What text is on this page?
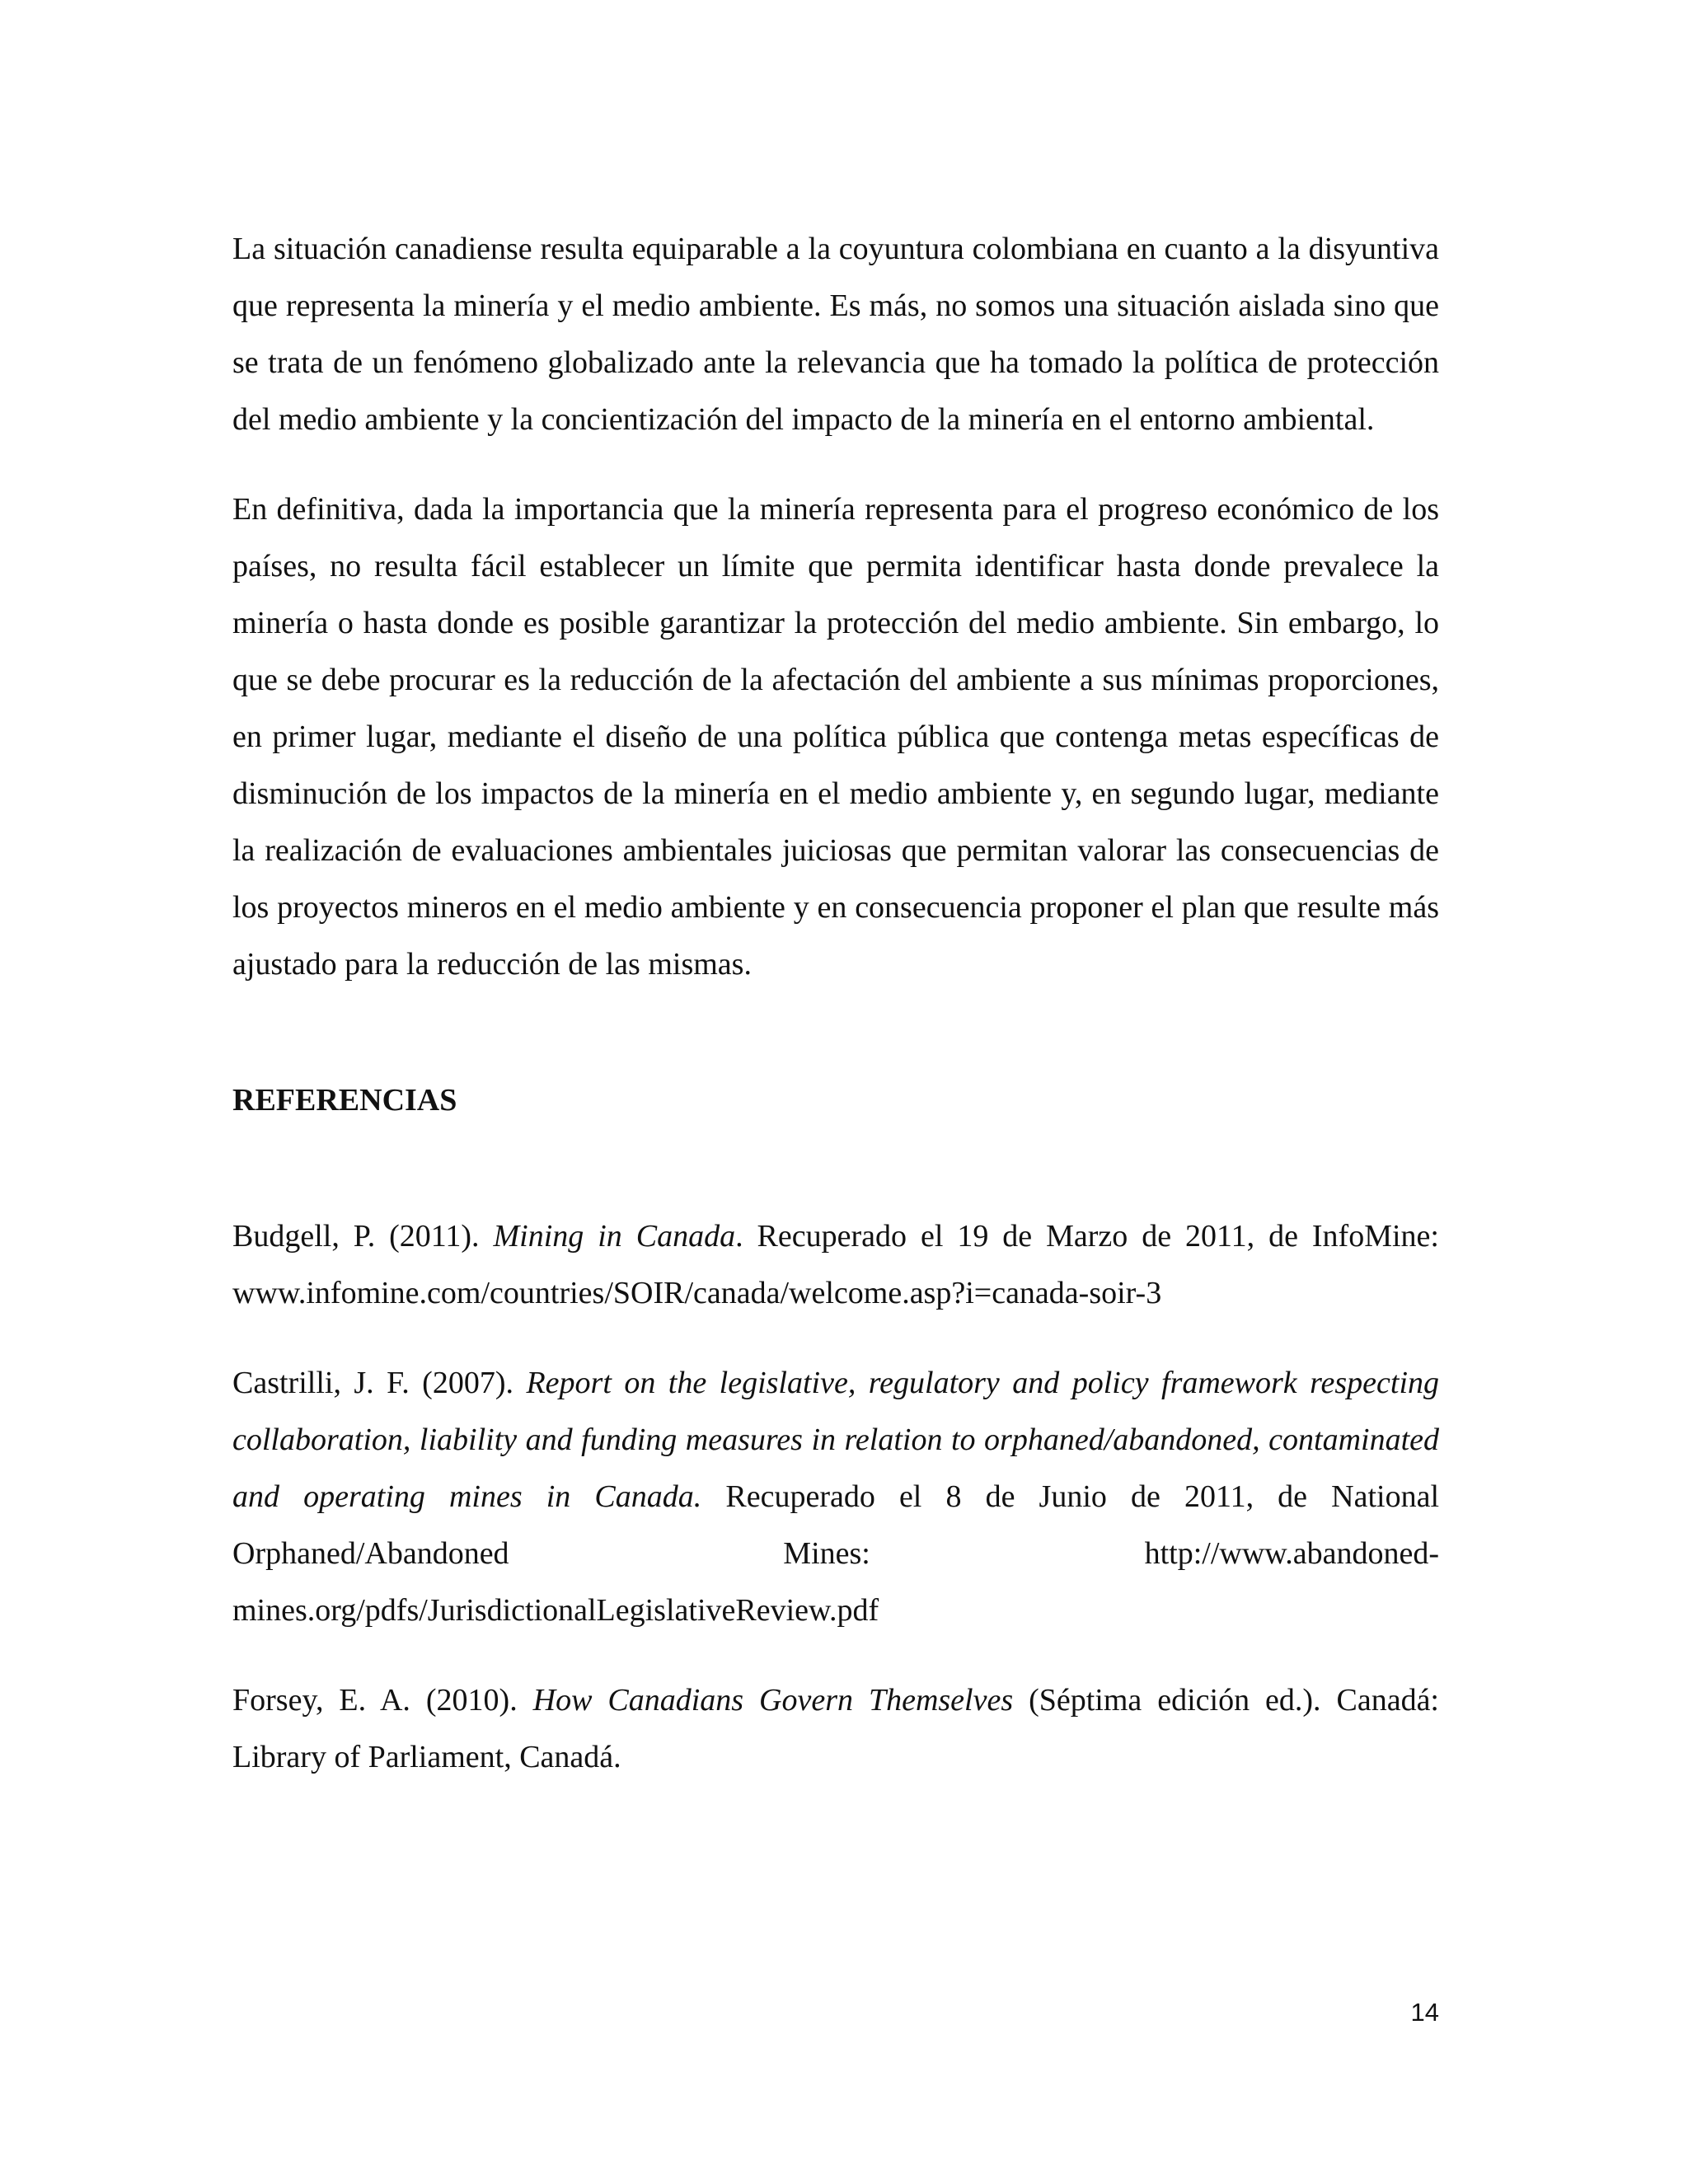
La situación canadiense resulta equiparable a la coyuntura colombiana en cuanto a la disyuntiva que representa la minería y el medio ambiente. Es más, no somos una situación aislada sino que se trata de un fenómeno globalizado ante la relevancia que ha tomado la política de protección del medio ambiente y la concientización del impacto de la minería en el entorno ambiental.

En definitiva, dada la importancia que la minería representa para el progreso económico de los países, no resulta fácil establecer un límite que permita identificar hasta donde prevalece la minería o hasta donde es posible garantizar la protección del medio ambiente. Sin embargo, lo que se debe procurar es la reducción de la afectación del ambiente a sus mínimas proporciones, en primer lugar, mediante el diseño de una política pública que contenga metas específicas de disminución de los impactos de la minería en el medio ambiente y, en segundo lugar, mediante la realización de evaluaciones ambientales juiciosas que permitan valorar las consecuencias de los proyectos mineros en el medio ambiente y en consecuencia proponer el plan que resulte más ajustado para la reducción de las mismas.

REFERENCIAS

Budgell, P. (2011). Mining in Canada. Recuperado el 19 de Marzo de 2011, de InfoMine: www.infomine.com/countries/SOIR/canada/welcome.asp?i=canada-soir-3

Castrilli, J. F. (2007). Report on the legislative, regulatory and policy framework respecting collaboration, liability and funding measures in relation to orphaned/abandoned, contaminated and operating mines in Canada. Recuperado el 8 de Junio de 2011, de National Orphaned/Abandoned Mines: http://www.abandoned-mines.org/pdfs/JurisdictionalLegislativeReview.pdf

Forsey, E. A. (2010). How Canadians Govern Themselves (Séptima edición ed.). Canadá: Library of Parliament, Canadá.

14
